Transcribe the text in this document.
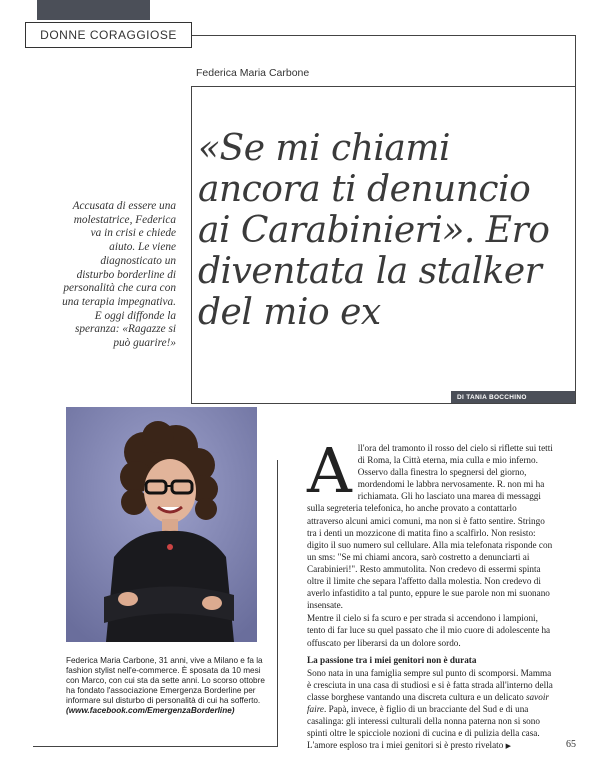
DONNE CORAGGIOSE
Federica Maria Carbone
«Se mi chiami ancora ti denuncio ai Carabinieri». Ero diventata la stalker del mio ex
Accusata di essere una molestatrice, Federica va in crisi e chiede aiuto. Le viene diagnosticato un disturbo borderline di personalità che cura con una terapia impegnativa. E oggi diffonde la speranza: «Ragazze si può guarire!»
DI TANIA BOCCHINO
Federica Maria Carbone, 31 anni, vive a Milano e fa la fashion stylist nell'e-commerce. È sposata da 10 mesi con Marco, con cui sta da sette anni. Lo scorso ottobre ha fondato l'associazione Emergenza Borderline per informare sul disturbo di personalità di cui ha sofferto. (www.facebook.com/EmergenzaBorderline)

All'ora del tramonto il rosso del cielo si riflette sui tetti di Roma, la Città eterna, mia culla e mio inferno. Osservo dalla finestra lo spegnersi del giorno, mordendomi le labbra nervosamente. R. non mi ha richiamata. Gli ho lasciato una marea di messaggi sulla segreteria telefonica, ho anche provato a contattarlo attraverso alcuni amici comuni, ma non si è fatto sentire. Stringo tra i denti un mozzicone di matita fino a scalfirlo. Non resisto: digito il suo numero sul cellulare. Alla mia telefonata risponde con un sms: "Se mi chiami ancora, sarò costretto a denunciarti ai Carabinieri!". Resto ammutolita. Non credevo di essermi spinta oltre il limite che separa l'affetto dalla molestia. Non credevo di averlo infastidito a tal punto, eppure le sue parole non mi suonano insensate.

Mentre il cielo si fa scuro e per strada si accendono i lampioni, tento di far luce su quel passato che il mio cuore di adolescente ha offuscato per liberarsi da un dolore sordo.

La passione tra i miei genitori non è durata

Sono nata in una famiglia sempre sul punto di scomporsi. Mamma è cresciuta in una casa di studiosi e si è fatta strada all'interno della classe borghese vantando una discreta cultura e un delicato savoir faire. Papà, invece, è figlio di un bracciante del Sud e di una casalinga: gli interessi culturali della nonna paterna non si sono spinti oltre le spicciole nozioni di cucina e di pulizia della casa. L'amore esploso tra i miei genitori si è presto rivelato ▶	65
